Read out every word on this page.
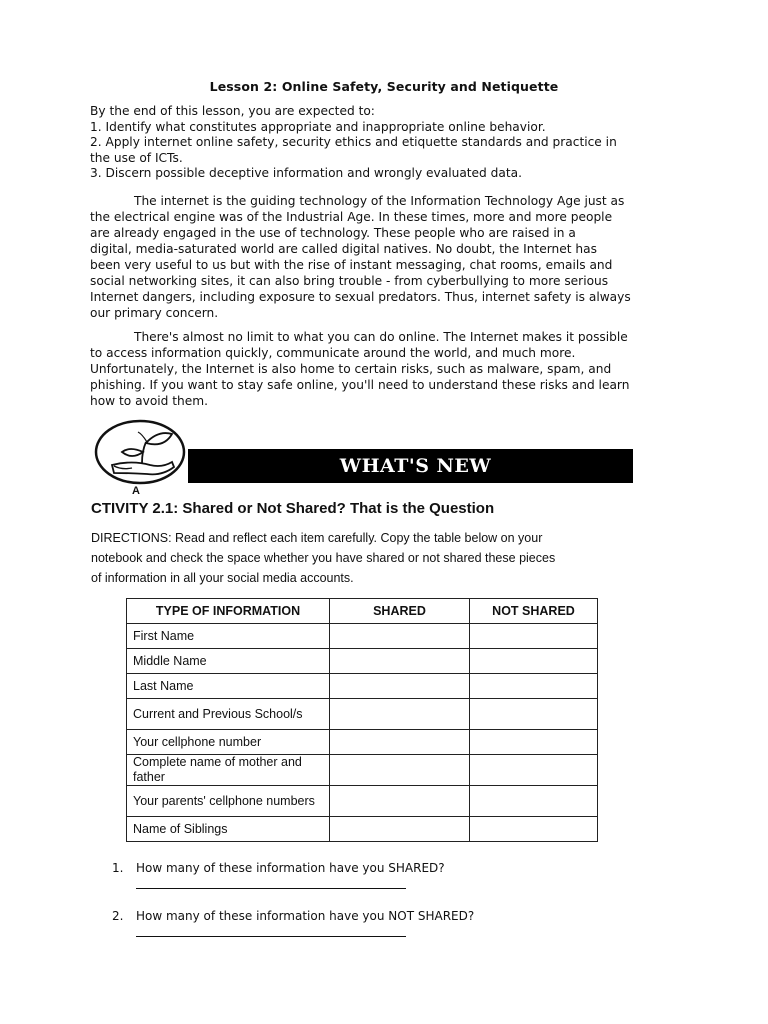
Lesson 2: Online Safety, Security and Netiquette
By the end of this lesson, you are expected to:
1. Identify what constitutes appropriate and inappropriate online behavior.
2. Apply internet online safety, security ethics and etiquette standards and practice in
the use of ICTs.
3. Discern possible deceptive information and wrongly evaluated data.
The internet is the guiding technology of the Information Technology Age just as
the electrical engine was of the Industrial Age. In these times, more and more people
are already engaged in the use of technology. These people who are raised in a
digital, media-saturated world are called digital natives. No doubt, the Internet has
been very useful to us but with the rise of instant messaging, chat rooms, emails and
social networking sites, it can also bring trouble - from cyberbullying to more serious
Internet dangers, including exposure to sexual predators. Thus, internet safety is always
our primary concern.
There's almost no limit to what you can do online. The Internet makes it possible
to access information quickly, communicate around the world, and much more.
Unfortunately, the Internet is also home to certain risks, such as malware, spam, and
phishing. If you want to stay safe online, you'll need to understand these risks and learn
how to avoid them.
WHAT'S NEW
A
CTIVITY 2.1: Shared or Not Shared? That is the Question
DIRECTIONS: Read and reflect each item carefully. Copy the table below on your
notebook and check the space whether you have shared or not shared these pieces
of information in all your social media accounts.
TYPE OF INFORMATION	SHARED	NOT SHARED
First Name		
Middle Name		
Last Name		
Current and Previous School/s		
Your cellphone number		
Complete name of mother and father		
Your parents' cellphone numbers		
Name of Siblings		
1. How many of these information have you SHARED?
2. How many of these information have you NOT SHARED?
